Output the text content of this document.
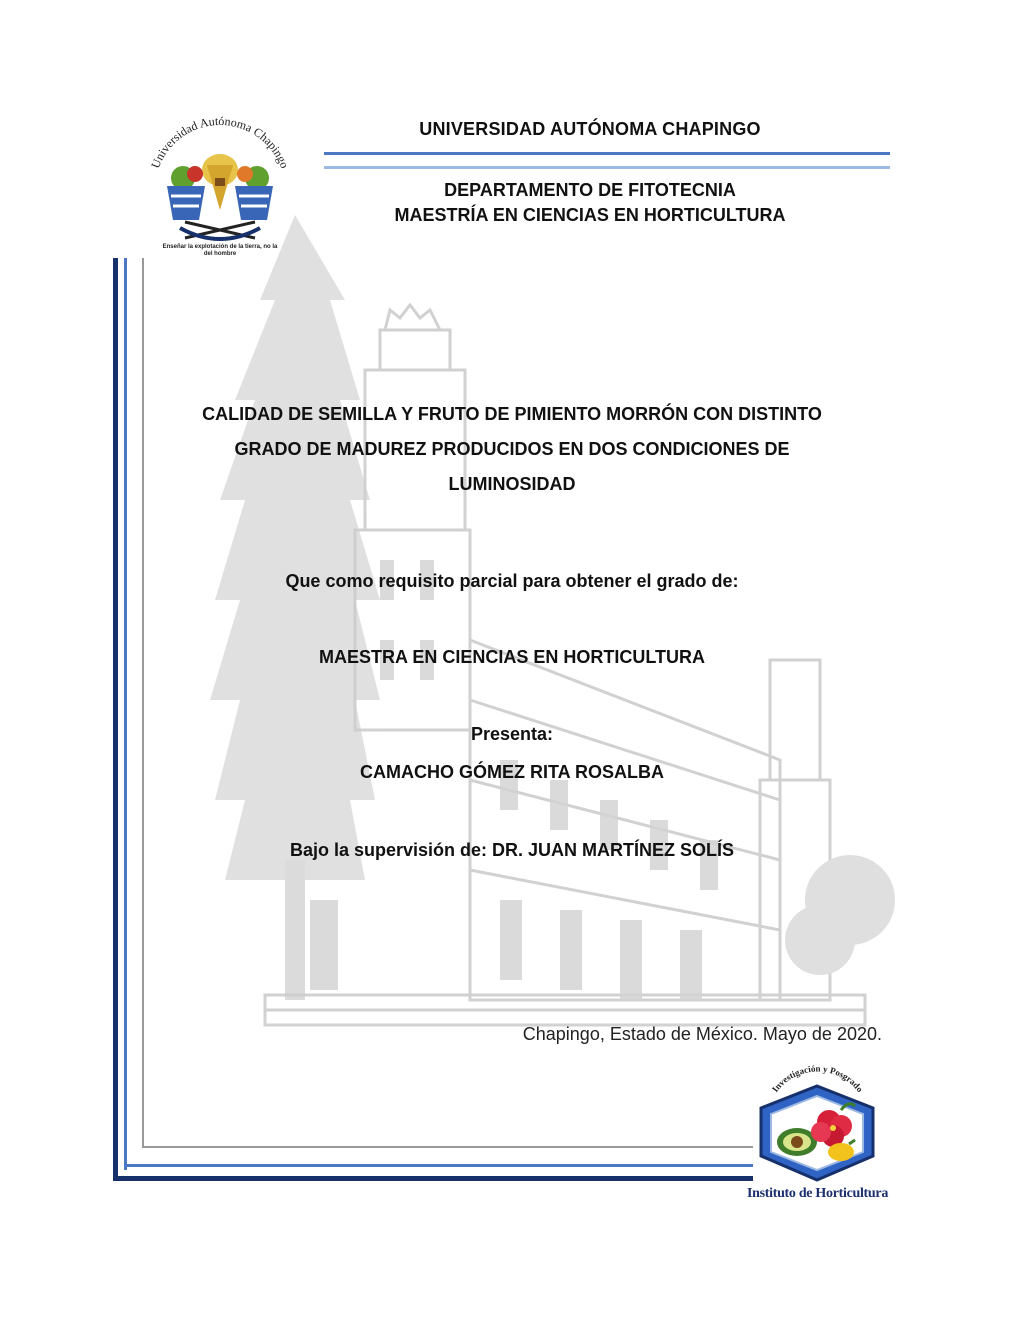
Universidad Autónoma Chapingo
Enseñar la explotación de la tierra, no la del hombre
UNIVERSIDAD AUTÓNOMA CHAPINGO
DEPARTAMENTO DE FITOTECNIA
MAESTRÍA EN CIENCIAS EN HORTICULTURA
CALIDAD DE SEMILLA Y FRUTO DE PIMIENTO MORRÓN CON DISTINTO
GRADO DE MADUREZ PRODUCIDOS EN DOS CONDICIONES DE
LUMINOSIDAD
Que como requisito parcial para obtener el grado de:
MAESTRA EN CIENCIAS EN HORTICULTURA
Presenta:
CAMACHO GÓMEZ RITA ROSALBA
Bajo la supervisión de: DR. JUAN MARTÍNEZ SOLÍS
Chapingo, Estado de México. Mayo de 2020.
Investigación y Posgrado
Instituto de Horticultura
